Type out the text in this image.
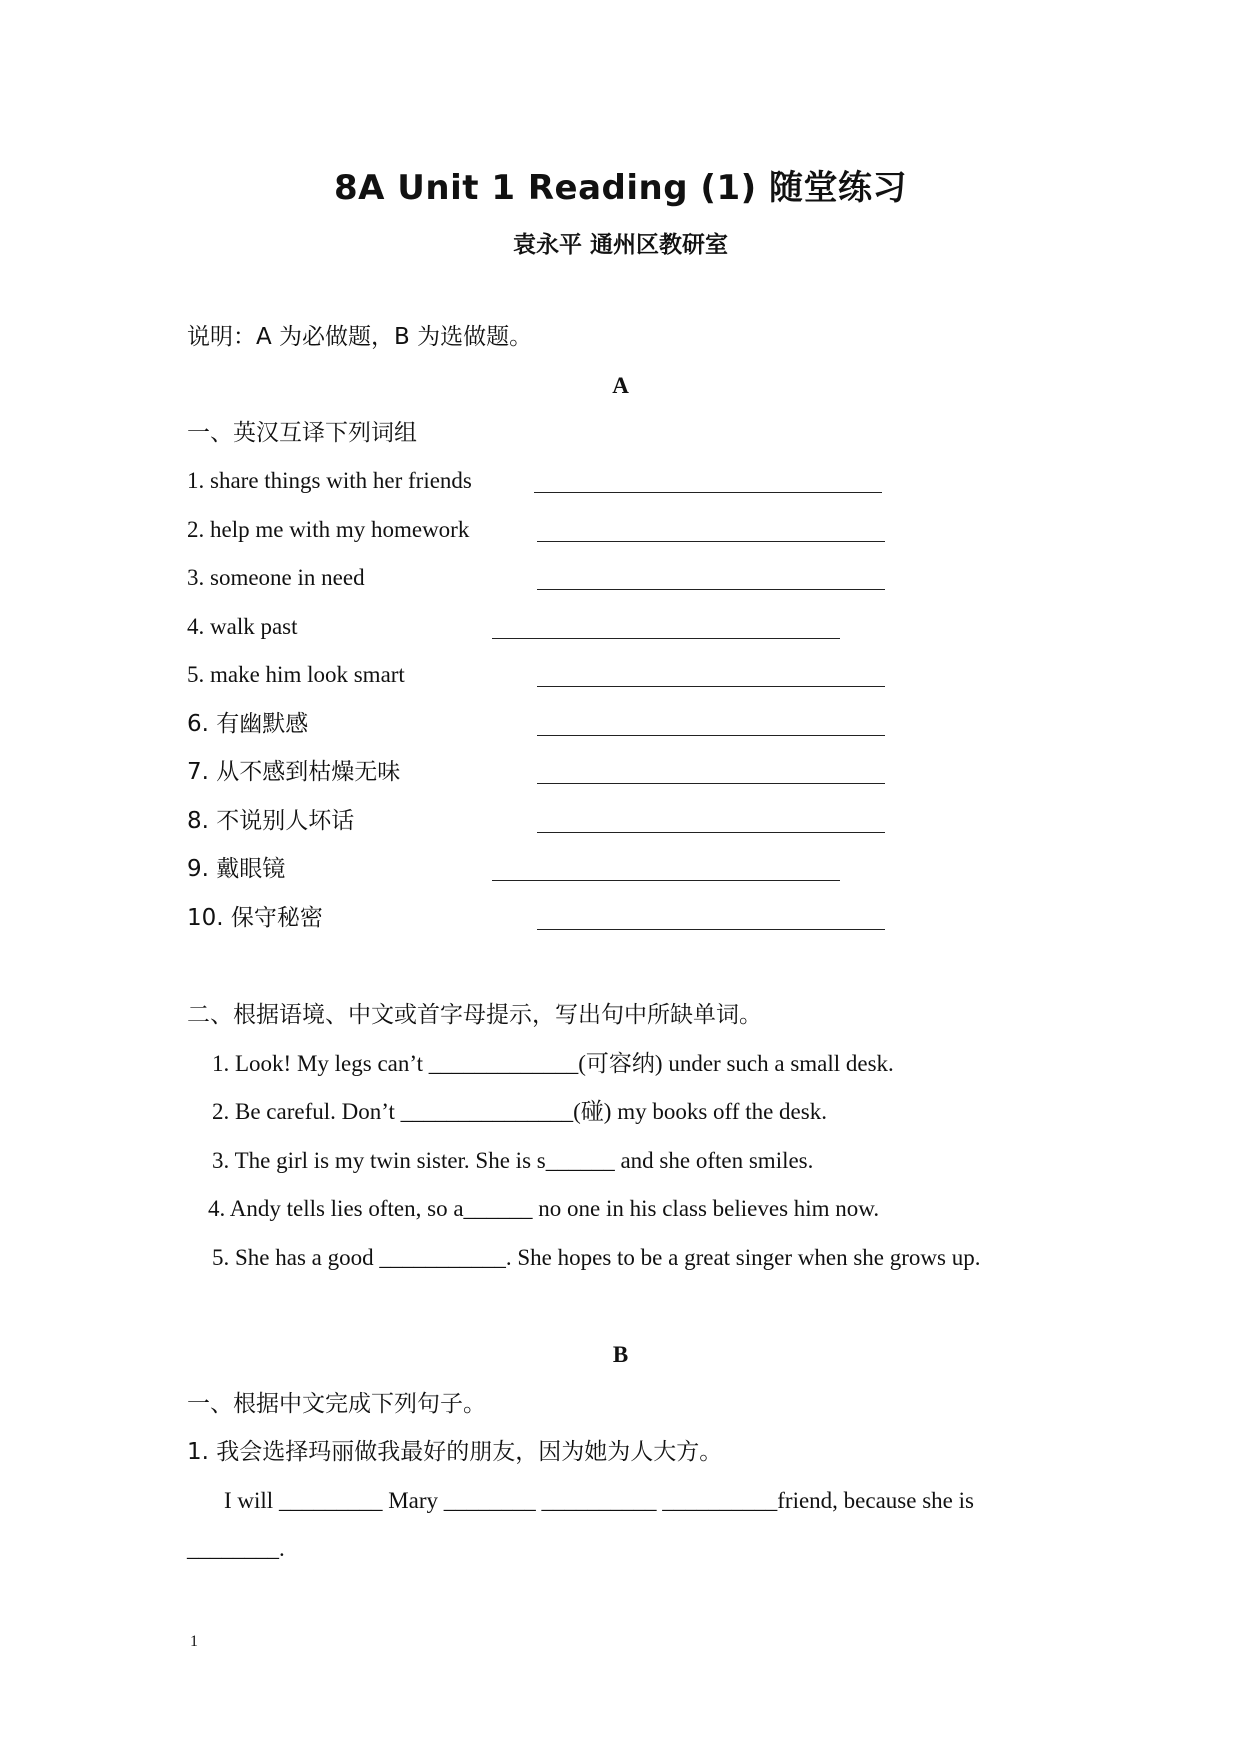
8A Unit 1 Reading (1) 随堂练习
袁永平 通州区教研室
说明：A 为必做题，B 为选做题。
A
一、英汉互译下列词组
1. share things with her friends
2. help me with my homework
3. someone in need
4. walk past
5. make him look smart
6. 有幽默感
7. 从不感到枯燥无味
8. 不说别人坏话
9. 戴眼镜
10. 保守秘密
二、根据语境、中文或首字母提示，写出句中所缺单词。
1. Look! My legs can’t _____________(可容纳) under such a small desk.
2. Be careful. Don’t _______________(碰) my books off the desk.
3. The girl is my twin sister. She is s______ and she often smiles.
4. Andy tells lies often, so a______ no one in his class believes him now.
5. She has a good ___________. She hopes to be a great singer when she grows up.
B
一、根据中文完成下列句子。
1. 我会选择玛丽做我最好的朋友，因为她为人大方。
I will _________ Mary ________ __________ __________friend, because she is
________.
1
